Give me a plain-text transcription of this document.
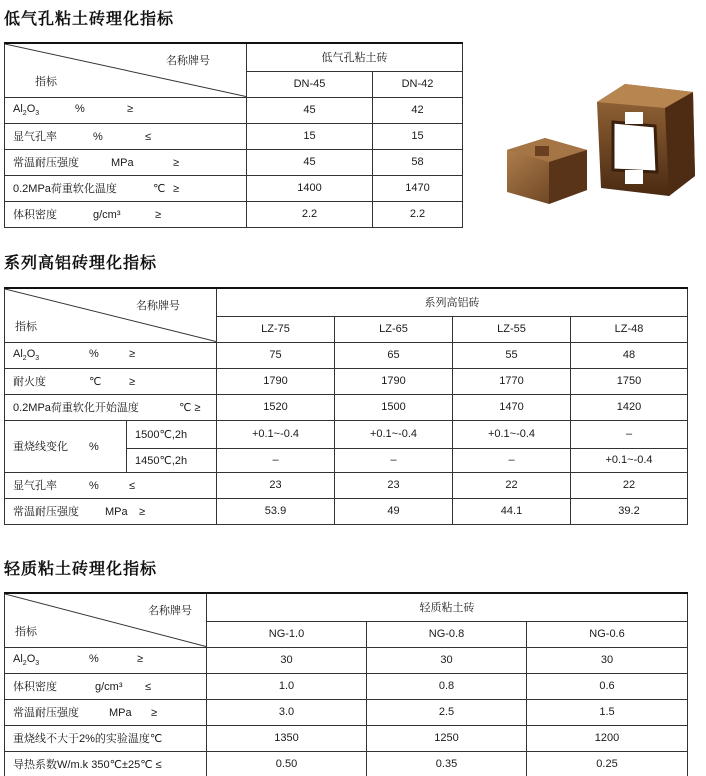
低气孔粘土砖理化指标
名称牌号
指标	低气孔粘土砖	
	DN-45	DN-42
$Al_2O_3$ % ≥	45	42
显气孔率 % ≤	15	15
常温耐压强度 MPa ≥	45	58
0.2MPa荷重软化温度 ℃ ≥	1400	1470
体积密度 g/cm³ ≥	2.2	2.2
系列高铝砖理化指标
名称牌号
指标		系列高铝砖			
		LZ-75	LZ-65	LZ-55	LZ-48
$Al_2O_3$ % ≥		75	65	55	48
耐火度 ℃ ≥		1790	1790	1770	1750
0.2MPa荷重软化开始温度 ℃ ≥		1520	1500	1470	1420
重烧线变化 %	1500℃,2h	+0.1~-0.4	+0.1~-0.4	+0.1~-0.4	–
	1450℃,2h	–	–	–	+0.1~-0.4
显气孔率 % ≤		23	23	22	22
常温耐压强度 MPa ≥		53.9	49	44.1	39.2
轻质粘土砖理化指标
名称牌号
指标	轻质粘土砖		
	NG-1.0	NG-0.8	NG-0.6
$Al_2O_3$ % ≥	30	30	30
体积密度 g/cm³ ≤	1.0	0.8	0.6
常温耐压强度 MPa ≥	3.0	2.5	1.5
重烧线不大于2%的实验温度℃	1350	1250	1200
导热系数W/m.k 350℃±25℃ ≤	0.50	0.35	0.25
